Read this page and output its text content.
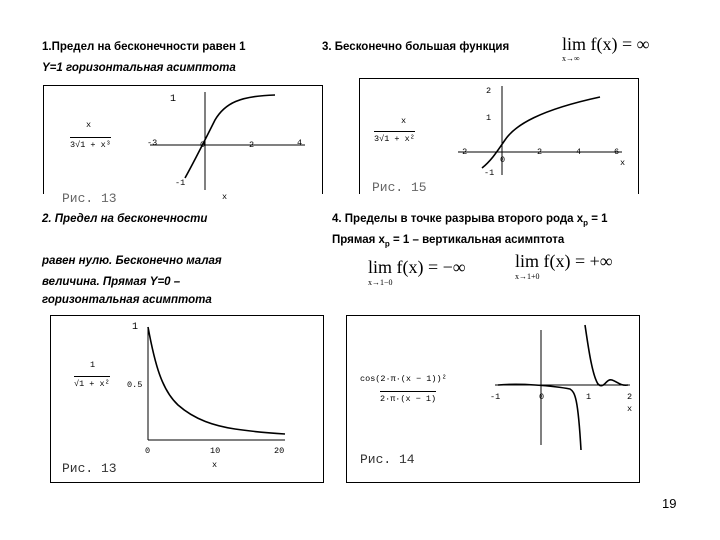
1.Предел на бесконечности равен 1
Y=1 горизонтальная асимптота
x
3√1 + x³	-3	0	2	4
1
-1
x
Рис. 13
3. Бесконечно большая функция	lim f(x) = ∞
x→∞
x
3√1 + x²
2
1
-1
-2
0
2	4	6
x
Рис. 15
2. Предел на бесконечности
равен нулю. Бесконечно малая
величина. Прямая Y=0 –
горизонтальная асимптота
1
√1 + x²
1
0.5
0	10	20
x
Рис. 13
4. Пределы в точке разрыва второго рода $x_р = 1$
Прямая $x_р = 1$ – вертикальная асимптота
lim f(x) = −∞
x→1−0
lim f(x) = +∞
x→1+0
cos(2·π·(x − 1))²
2·π·(x − 1)	-1	0	1	2
x
Рис. 14
19
